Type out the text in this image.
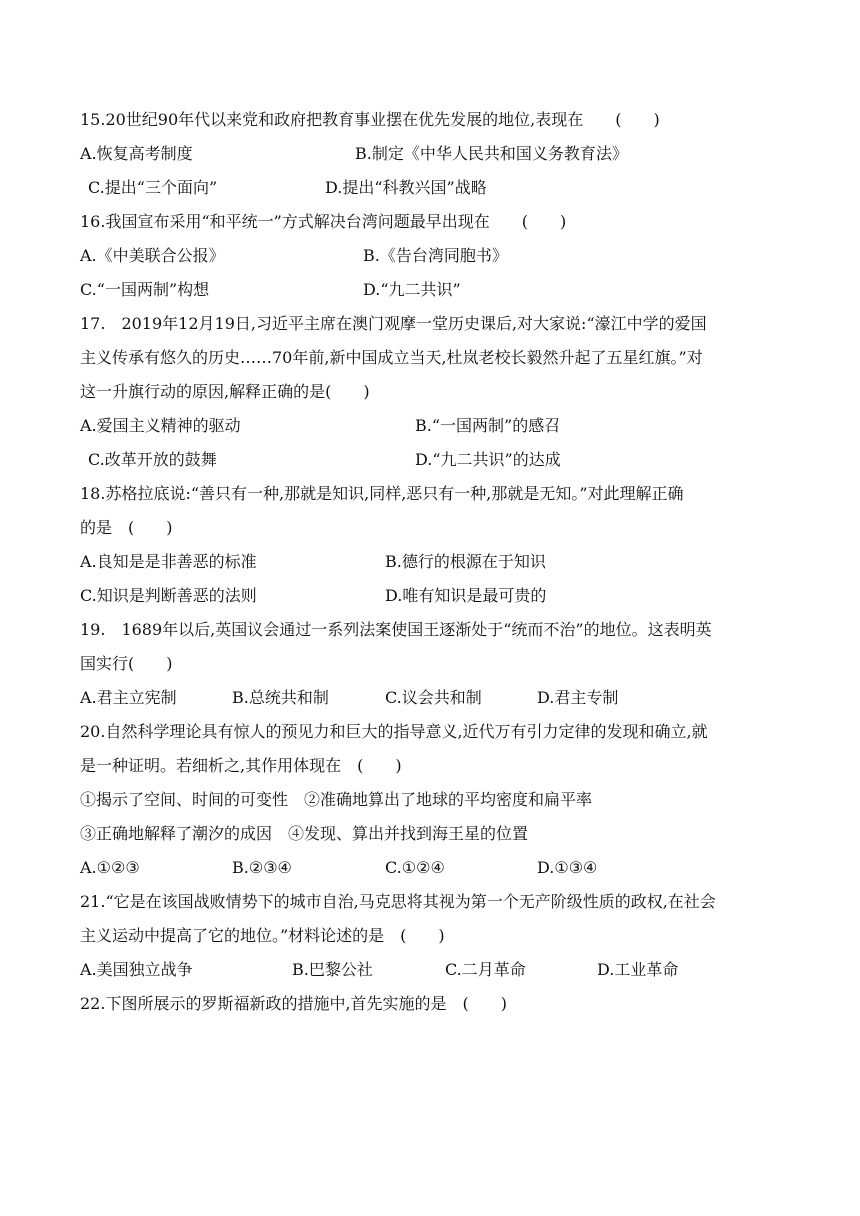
15.20世纪90年代以来党和政府把教育事业摆在优先发展的地位,表现在　　(　　)
A.恢复高考制度	B.制定《中华人民共和国义务教育法》
C.提出“三个面向”	D.提出“科教兴国”战略
16.我国宣布采用“和平统一”方式解决台湾问题最早出现在　　(　　)
A.《中美联合公报》	B.《告台湾同胞书》
C.“一国两制”构想	D.“九二共识”
17.　2019年12月19日,习近平主席在澳门观摩一堂历史课后,对大家说:“濠江中学的爱国
主义传承有悠久的历史……70年前,新中国成立当天,杜岚老校长毅然升起了五星红旗。”对
这一升旗行动的原因,解释正确的是(　　)
A.爱国主义精神的驱动	B.“一国两制”的感召
C.改革开放的鼓舞	D.“九二共识”的达成
18.苏格拉底说:“善只有一种,那就是知识,同样,恶只有一种,那就是无知。”对此理解正确
的是　(　　)
A.良知是是非善恶的标准	B.德行的根源在于知识
C.知识是判断善恶的法则	D.唯有知识是最可贵的
19.　1689年以后,英国议会通过一系列法案使国王逐渐处于“统而不治”的地位。这表明英
国实行(　　)
A.君主立宪制	B.总统共和制	C.议会共和制	D.君主专制
20.自然科学理论具有惊人的预见力和巨大的指导意义,近代万有引力定律的发现和确立,就
是一种证明。若细析之,其作用体现在　(　　)
①揭示了空间、时间的可变性　②准确地算出了地球的平均密度和扁平率
③正确地解释了潮汐的成因　④发现、算出并找到海王星的位置
A.①②③	B.②③④	C.①②④	D.①③④
21.“它是在该国战败情势下的城市自治,马克思将其视为第一个无产阶级性质的政权,在社会
主义运动中提高了它的地位。”材料论述的是　(　　)
A.美国独立战争	B.巴黎公社	C.二月革命	D.工业革命
22.下图所展示的罗斯福新政的措施中,首先实施的是　(　　)
